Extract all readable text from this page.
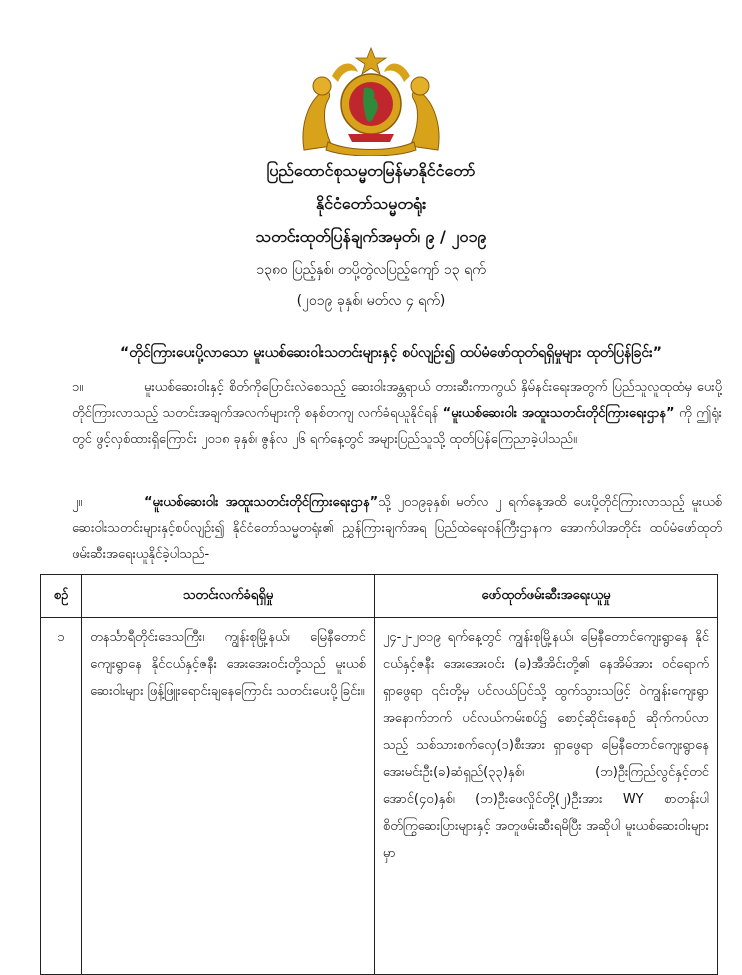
ပြည်ထောင်စုသမ္မတမြန်မာနိုင်ငံတော်
နိုင်ငံတော်သမ္မတရုံး
သတင်းထုတ်ပြန်ချက်အမှတ်၊ ၉ / ၂၀၁၉
၁၃၈၀ ပြည့်နှစ်၊ တပို့တွဲလပြည့်ကျော် ၁၃ ရက်
(၂၀၁၉ ခုနှစ်၊ မတ်လ ၄ ရက်)
“တိုင်ကြားပေးပို့လာသော မူးယစ်ဆေးဝါးသတင်းများနှင့် စပ်လျဉ်း၍ ထပ်မံဖော်ထုတ်ရရှိမှုများ ထုတ်ပြန်ခြင်း”
၁။	မူးယစ်ဆေးဝါးနှင့် စိတ်ကိုပြောင်းလဲစေသည့် ဆေးဝါးအန္တရာယ် တားဆီးကာကွယ် နှိမ်နင်းရေးအတွက် ပြည်သူလူထုထံမှ ပေးပို့တိုင်ကြားလာသည့် သတင်းအချက်အလက်များကို စနစ်တကျ လက်ခံရယူနိုင်ရန် “မူးယစ်ဆေးဝါး အထူးသတင်းတိုင်ကြားရေးဌာန” ကို ဤရုံးတွင် ဖွင့်လှစ်ထားရှိကြောင်း ၂၀၁၈ ခုနှစ်၊ ဇွန်လ ၂၆ ရက်နေ့တွင် အများပြည်သူသို့ ထုတ်ပြန်ကြေညာခဲ့ပါသည်။
၂။	“မူးယစ်ဆေးဝါး အထူးသတင်းတိုင်ကြားရေးဌာန”သို့ ၂၀၁၉ခုနှစ်၊ မတ်လ ၂ ရက်နေ့အထိ ပေးပို့တိုင်ကြားလာသည့် မူးယစ်ဆေးဝါးသတင်းများနှင့်စပ်လျဉ်း၍ နိုင်ငံတော်သမ္မတရုံး၏ ညွှန်ကြားချက်အရ ပြည်ထဲရေးဝန်ကြီးဌာနက အောက်ပါအတိုင်း ထပ်မံဖော်ထုတ်ဖမ်းဆီးအရေးယူနိုင်ခဲ့ပါသည်-
စဉ်	သတင်းလက်ခံရရှိမှု	ဖော်ထုတ်ဖမ်းဆီးအရေးယူမှု
၁	တနင်္သာရီတိုင်းဒေသကြီး၊ ကျွန်းစုမြို့နယ်၊ မြေနီတောင်ကျေးရွာနေ နိုင်ငယ်နှင့်ဇနီး အေးအေးဝင်းတို့သည် မူးယစ်ဆေးဝါးများ ဖြန့်ဖြူးရောင်းချနေကြောင်း သတင်းပေးပို့ခြင်း။	၂၄-၂-၂၀၁၉ ရက်နေ့တွင် ကျွန်းစုမြို့နယ်၊ မြေနီတောင်ကျေးရွာနေ နိုင်ငယ်နှင့်ဇနီး အေးအေးဝင်း (ခ)အီအိင်းတို့၏ နေအိမ်အား ဝင်ရောက်ရှာဖွေရာ ၎င်းတို့မှ ပင်လယ်ပြင်သို့ ထွက်သွားသဖြင့် ဝဲကျွန်းကျေးရွာ အနောက်ဘက် ပင်လယ်ကမ်းစပ်၌ စောင့်ဆိုင်းနေစဉ် ဆိုက်ကပ်လာသည့် သစ်သားစက်လှေ(၁)စီးအား ရှာဖွေရာ မြေနီတောင်ကျေးရွာနေ အေးမင်းဦး(ခ)ဆံရှည်(၃၃)နှစ်၊ (ဘ)ဦးကြည်လွင်နှင့်တင်အောင်(၄၀)နှစ်၊ (ဘ)ဦးဖေလှိုင်တို့(၂)ဦးအား WY စာတန်းပါ စိတ်ကြွဆေးပြားများနှင့် အတူဖမ်းဆီးရမိပြီး အဆိုပါ မူးယစ်ဆေးဝါးများမှာ
